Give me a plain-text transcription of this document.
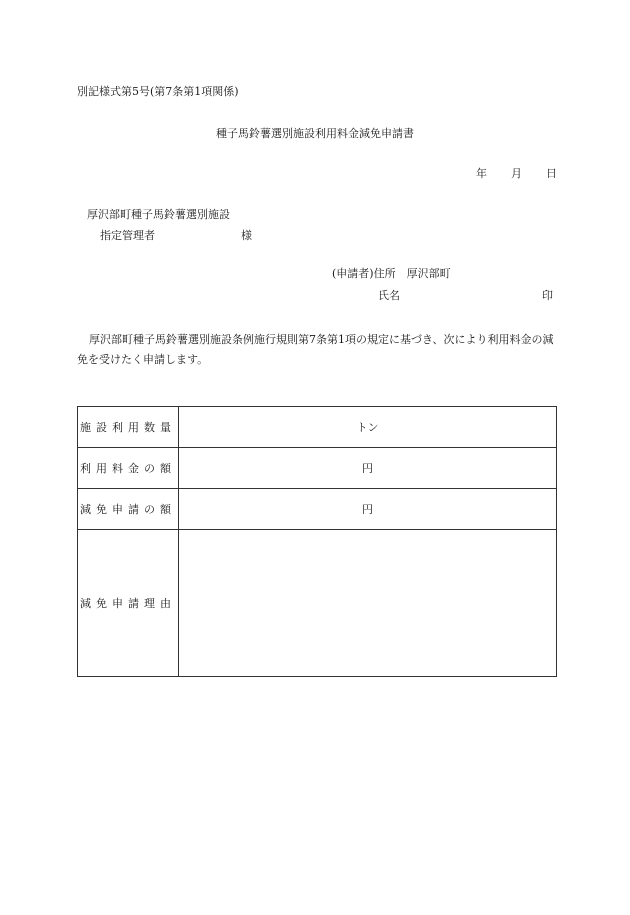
別記様式第5号(第7条第1項関係)
種子馬鈴薯選別施設利用料金減免申請書
年 月 日
厚沢部町種子馬鈴薯選別施設
指定管理者	様
(申請者)住所 厚沢部町
氏名	印
厚沢部町種子馬鈴薯選別施設条例施行規則第7条第1項の規定に基づき、次により利用料金の減免を受けたく申請します。
施設利用数量	トン
利用料金の額	円
減免申請の額	円
減免申請理由	
